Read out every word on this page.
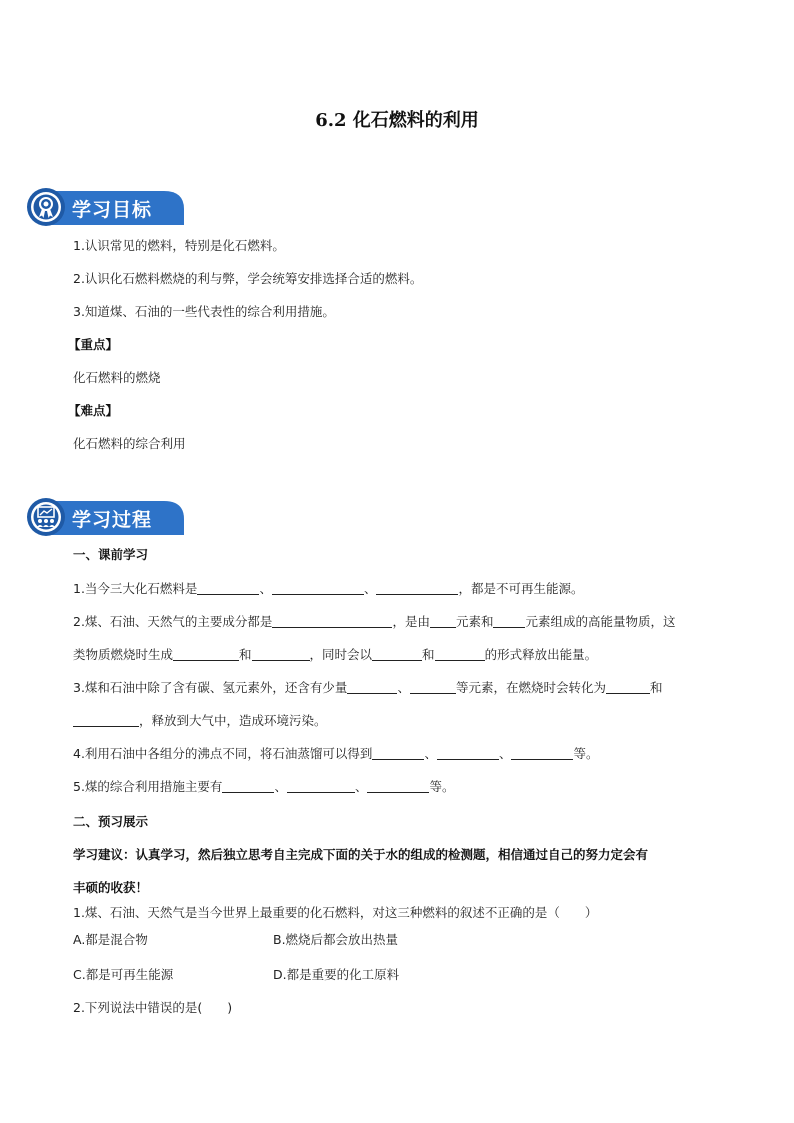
6.2 化石燃料的利用
学习目标
1.认识常见的燃料，特别是化石燃料。
2.认识化石燃料燃烧的利与弊，学会统筹安排选择合适的燃料。
3.知道煤、石油的一些代表性的综合利用措施。
【重点】
化石燃料的燃烧
【难点】
化石燃料的综合利用
学习过程
一、课前学习
1.当今三大化石燃料是	、	、	，都是不可再生能源。
2.煤、石油、天然气的主要成分都是	，是由 元素和	元素组成的高能量物质，这
类物质燃烧时生成	和	，同时会以	和	的形式释放出能量。
3.煤和石油中除了含有碳、氢元素外，还含有少量	、	等元素，在燃烧时会转化为	和
，释放到大气中，造成环境污染。
4.利用石油中各组分的沸点不同，将石油蒸馏可以得到	、	、	等。
5.煤的综合利用措施主要有	、	、	等。
二、预习展示
学习建议：认真学习，然后独立思考自主完成下面的关于水的组成的检测题，相信通过自己的努力定会有
丰硕的收获！
1.煤、石油、天然气是当今世界上最重要的化石燃料，对这三种燃料的叙述不正确的是（　　）
A.都是混合物	B.燃烧后都会放出热量
C.都是可再生能源	D.都是重要的化工原料
2.下列说法中错误的是(　　)
